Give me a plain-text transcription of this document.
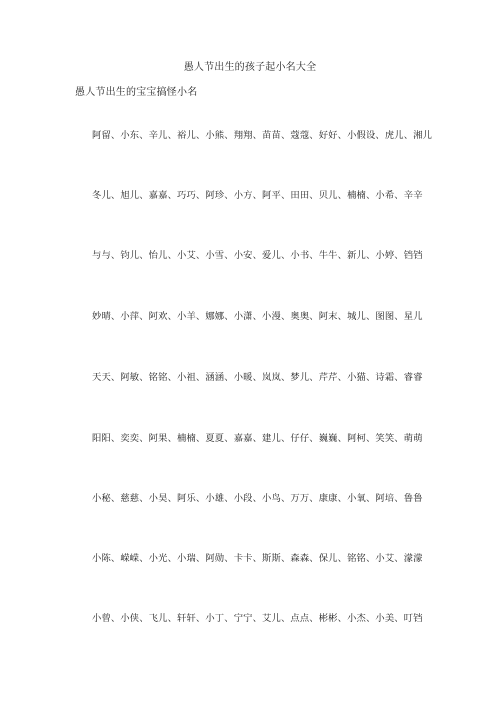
愚人节出生的孩子起小名大全
愚人节出生的宝宝搞怪小名
阿留、小东、辛儿、裕儿、小熊、翔翔、苗苗、蔻蔻、好好、小假设、虎儿、湘儿
冬儿、旭儿、嘉嘉、巧巧、阿珍、小方、阿平、田田、贝儿、楠楠、小希、辛辛
与与、钧儿、怡儿、小艾、小雪、小安、爱儿、小书、牛牛、新儿、小婷、铛铛
妙晴、小萍、阿欢、小羊、娜娜、小潇、小漫、奥奥、阿末、城儿、图图、星儿
天天、阿敏、铭铭、小祖、涵涵、小暖、岚岚、梦儿、芹芹、小猫、诗霜、睿睿
阳阳、奕奕、阿果、楠楠、夏夏、嘉嘉、建儿、仔仔、巍巍、阿柯、笑笑、萌萌
小秘、慈慈、小昊、阿乐、小雄、小段、小鸟、万万、康康、小氧、阿培、鲁鲁
小陈、嵘嵘、小光、小瑞、阿勋、卡卡、斯斯、森森、保儿、铭铭、小艾、濛濛
小曾、小侠、飞儿、轩轩、小丁、宁宁、艾儿、点点、彬彬、小杰、小美、叮铛
